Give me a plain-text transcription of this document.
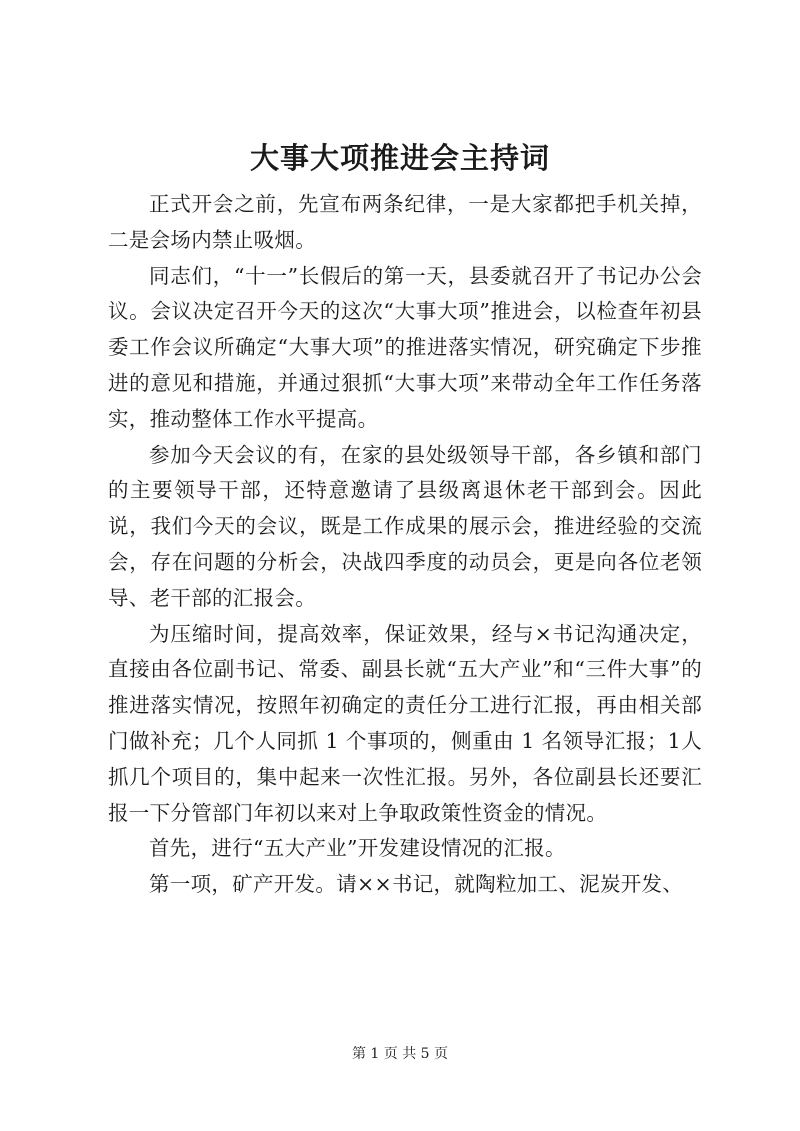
大事大项推进会主持词

正式开会之前，先宣布两条纪律，一是大家都把手机关掉，二是会场内禁止吸烟。

同志们，“十一”长假后的第一天，县委就召开了书记办公会议。会议决定召开今天的这次“大事大项”推进会，以检查年初县委工作会议所确定“大事大项”的推进落实情况，研究确定下步推进的意见和措施，并通过狠抓“大事大项”来带动全年工作任务落实，推动整体工作水平提高。

参加今天会议的有，在家的县处级领导干部，各乡镇和部门的主要领导干部，还特意邀请了县级离退休老干部到会。因此说，我们今天的会议，既是工作成果的展示会，推进经验的交流会，存在问题的分析会，决战四季度的动员会，更是向各位老领导、老干部的汇报会。

为压缩时间，提高效率，保证效果，经与×书记沟通决定，直接由各位副书记、常委、副县长就“五大产业”和“三件大事”的推进落实情况，按照年初确定的责任分工进行汇报，再由相关部门做补充；几个人同抓 1 个事项的，侧重由 1 名领导汇报；1人抓几个项目的，集中起来一次性汇报。另外，各位副县长还要汇报一下分管部门年初以来对上争取政策性资金的情况。

首先，进行“五大产业”开发建设情况的汇报。

第一项，矿产开发。请××书记，就陶粒加工、泥炭开发、

第 1 页 共 5 页
